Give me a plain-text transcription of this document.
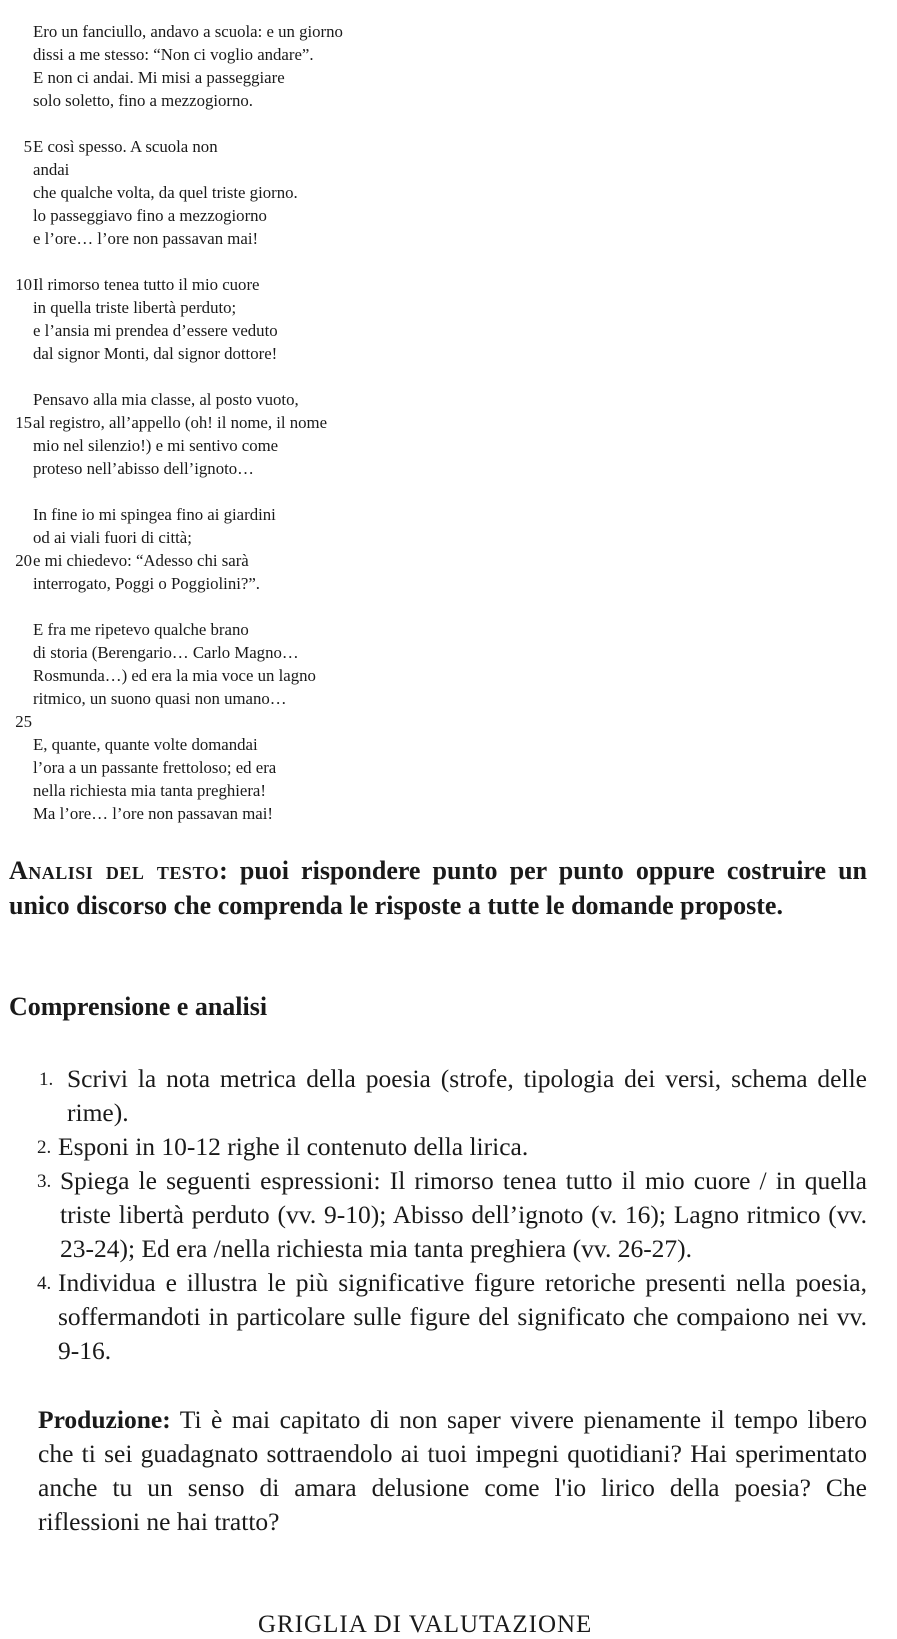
Ero un fanciullo, andavo a scuola: e un giorno
dissi a me stesso: “Non ci voglio andare”.
E non ci andai. Mi misi a passeggiare
solo soletto, fino a mezzogiorno.
5 E così spesso. A scuola non
andai
che qualche volta, da quel triste giorno.
lo passeggiavo fino a mezzogiorno
e l’ore… l’ore non passavan mai!
10 Il rimorso tenea tutto il mio cuore
in quella triste libertà perduto;
e l’ansia mi prendea d’essere veduto
dal signor Monti, dal signor dottore!
Pensavo alla mia classe, al posto vuoto,
15 al registro, all’appello (oh! il nome, il nome
mio nel silenzio!) e mi sentivo come
proteso nell’abisso dell’ignoto…
In fine io mi spingea fino ai giardini
od ai viali fuori di città;
20 e mi chiedevo: “Adesso chi sarà
interrogato, Poggi o Poggiolini?”.
E fra me ripetevo qualche brano
di storia (Berengario… Carlo Magno…
Rosmunda…) ed era la mia voce un lagno
ritmico, un suono quasi non umano…
25
E, quante, quante volte domandai
l’ora a un passante frettoloso; ed era
nella richiesta mia tanta preghiera!
Ma l’ore… l’ore non passavan mai!
Analisi del testo: puoi rispondere punto per punto oppure costruire un unico discorso che comprenda le risposte a tutte le domande proposte.
Comprensione e analisi
1. Scrivi la nota metrica della poesia (strofe, tipologia dei versi, schema delle rime).
2. Esponi in 10-12 righe il contenuto della lirica.
3. Spiega le seguenti espressioni: Il rimorso tenea tutto il mio cuore / in quella triste libertà perduto (vv. 9-10); Abisso dell’ignoto (v. 16); Lagno ritmico (vv. 23-24); Ed era /nella richiesta mia tanta preghiera (vv. 26-27).
4. Individua e illustra le più significative figure retoriche presenti nella poesia, soffermandoti in particolare sulle figure del significato che compaiono nei vv. 9-16.
Produzione: Ti è mai capitato di non saper vivere pienamente il tempo libero che ti sei guadagnato sottraendolo ai tuoi impegni quotidiani? Hai sperimentato anche tu un senso di amara delusione come l'io lirico della poesia? Che riflessioni ne hai tratto?
GRIGLIA DI VALUTAZIONE
